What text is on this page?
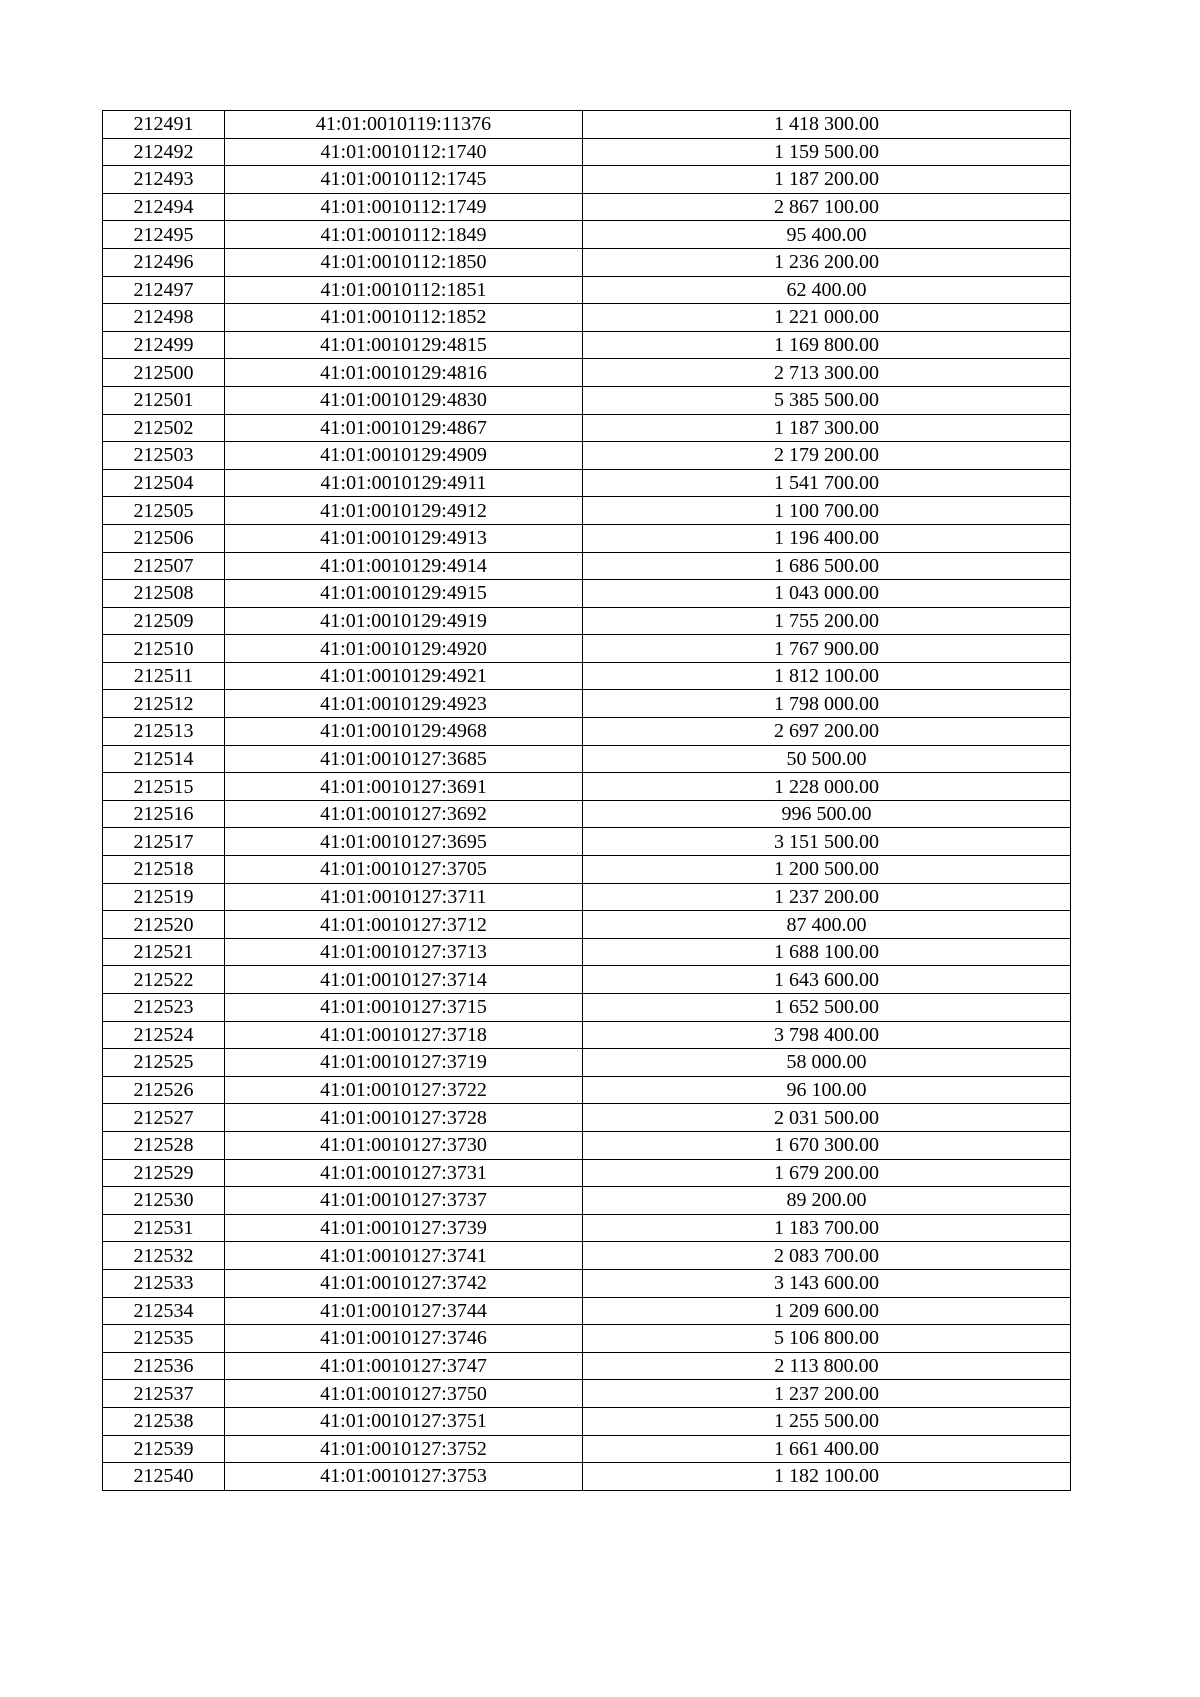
212491	41:01:0010119:11376	1 418 300.00
212492	41:01:0010112:1740	1 159 500.00
212493	41:01:0010112:1745	1 187 200.00
212494	41:01:0010112:1749	2 867 100.00
212495	41:01:0010112:1849	95 400.00
212496	41:01:0010112:1850	1 236 200.00
212497	41:01:0010112:1851	62 400.00
212498	41:01:0010112:1852	1 221 000.00
212499	41:01:0010129:4815	1 169 800.00
212500	41:01:0010129:4816	2 713 300.00
212501	41:01:0010129:4830	5 385 500.00
212502	41:01:0010129:4867	1 187 300.00
212503	41:01:0010129:4909	2 179 200.00
212504	41:01:0010129:4911	1 541 700.00
212505	41:01:0010129:4912	1 100 700.00
212506	41:01:0010129:4913	1 196 400.00
212507	41:01:0010129:4914	1 686 500.00
212508	41:01:0010129:4915	1 043 000.00
212509	41:01:0010129:4919	1 755 200.00
212510	41:01:0010129:4920	1 767 900.00
212511	41:01:0010129:4921	1 812 100.00
212512	41:01:0010129:4923	1 798 000.00
212513	41:01:0010129:4968	2 697 200.00
212514	41:01:0010127:3685	50 500.00
212515	41:01:0010127:3691	1 228 000.00
212516	41:01:0010127:3692	996 500.00
212517	41:01:0010127:3695	3 151 500.00
212518	41:01:0010127:3705	1 200 500.00
212519	41:01:0010127:3711	1 237 200.00
212520	41:01:0010127:3712	87 400.00
212521	41:01:0010127:3713	1 688 100.00
212522	41:01:0010127:3714	1 643 600.00
212523	41:01:0010127:3715	1 652 500.00
212524	41:01:0010127:3718	3 798 400.00
212525	41:01:0010127:3719	58 000.00
212526	41:01:0010127:3722	96 100.00
212527	41:01:0010127:3728	2 031 500.00
212528	41:01:0010127:3730	1 670 300.00
212529	41:01:0010127:3731	1 679 200.00
212530	41:01:0010127:3737	89 200.00
212531	41:01:0010127:3739	1 183 700.00
212532	41:01:0010127:3741	2 083 700.00
212533	41:01:0010127:3742	3 143 600.00
212534	41:01:0010127:3744	1 209 600.00
212535	41:01:0010127:3746	5 106 800.00
212536	41:01:0010127:3747	2 113 800.00
212537	41:01:0010127:3750	1 237 200.00
212538	41:01:0010127:3751	1 255 500.00
212539	41:01:0010127:3752	1 661 400.00
212540	41:01:0010127:3753	1 182 100.00
